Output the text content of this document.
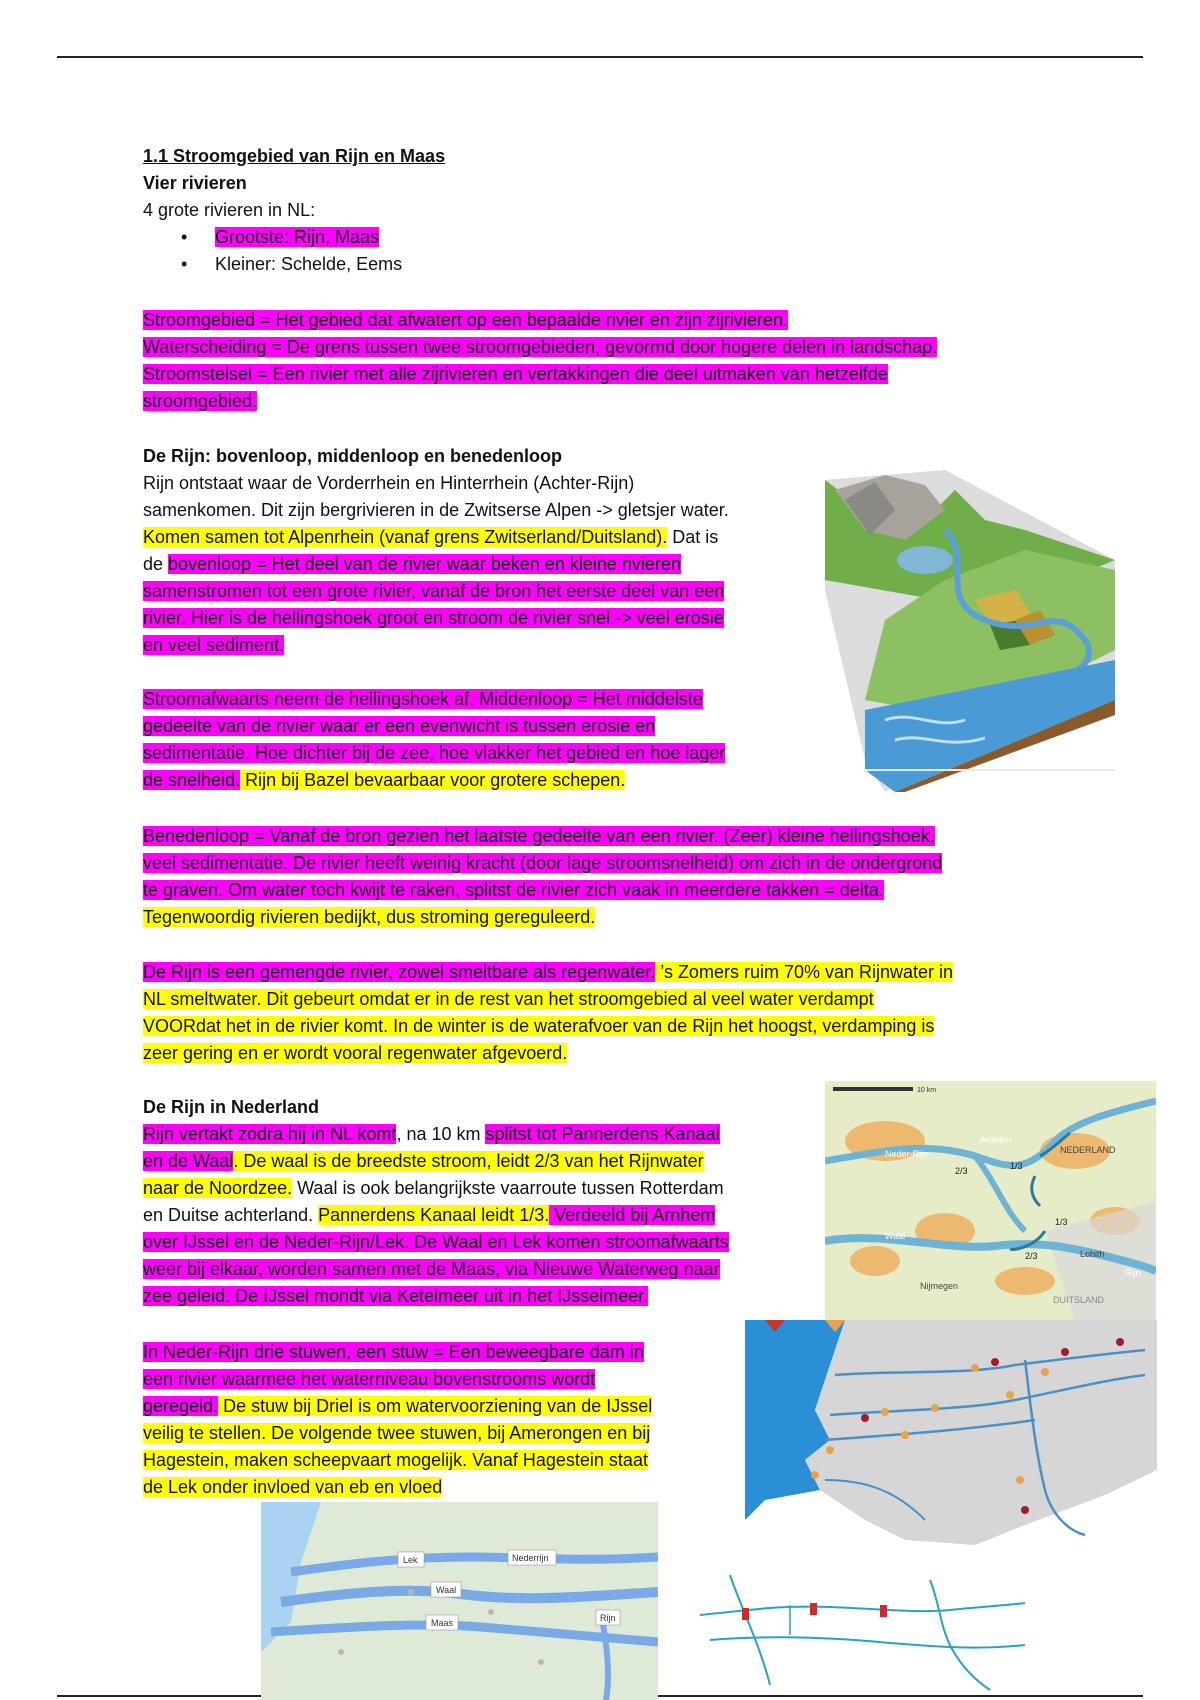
1.1 Stroomgebied van Rijn en Maas
Vier rivieren
4 grote rivieren in NL:
• Grootste: Rijn, Maas
• Kleiner: Schelde, Eems
Stroomgebied = Het gebied dat afwatert op een bepaalde rivier en zijn zijrivieren.
Waterscheiding = De grens tussen twee stroomgebieden, gevormd door hogere delen in landschap.
Stroomstelsel = Een rivier met alle zijrivieren en vertakkingen die deel uitmaken van hetzelfde
stroomgebied.
De Rijn: bovenloop, middenloop en benedenloop
Rijn ontstaat waar de Vorderrhein en Hinterrhein (Achter-Rijn)
samenkomen. Dit zijn bergrivieren in de Zwitserse Alpen -> gletsjer water.
Komen samen tot Alpenrhein (vanaf grens Zwitserland/Duitsland). Dat is
de bovenloop = Het deel van de rivier waar beken en kleine rivieren
samenstromen tot een grote rivier, vanaf de bron het eerste deel van een
rivier. Hier is de hellingshoek groot en stroom de rivier snel -> veel erosie
en veel sediment.
Stroomafwaarts neem de hellingshoek af. Middenloop = Het middelste
gedeelte van de rivier waar er een evenwicht is tussen erosie en
sedimentatie. Hoe dichter bij de zee, hoe vlakker het gebied en hoe lager
de snelheid. Rijn bij Bazel bevaarbaar voor grotere schepen.
Benedenloop = Vanaf de bron gezien het laatste gedeelte van een rivier. (Zeer) kleine hellingshoek,
veel sedimentatie. De rivier heeft weinig kracht (door lage stroomsnelheid) om zich in de ondergrond
te graven. Om water toch kwijt te raken, splitst de rivier zich vaak in meerdere takken = delta.
Tegenwoordig rivieren bedijkt, dus stroming gereguleerd.
De Rijn is een gemengde rivier, zowel smeltbare als regenwater. ’s Zomers ruim 70% van Rijnwater in
NL smeltwater. Dit gebeurt omdat er in de rest van het stroomgebied al veel water verdampt
VOORdat het in de rivier komt. In de winter is de waterafvoer van de Rijn het hoogst, verdamping is
zeer gering en er wordt vooral regenwater afgevoerd.
De Rijn in Nederland
Rijn vertakt zodra hij in NL komt, na 10 km splitst tot Pannerdens Kanaal
en de Waal. De waal is de breedste stroom, leidt 2/3 van het Rijnwater
naar de Noordzee. Waal is ook belangrijkste vaarroute tussen Rotterdam
en Duitse achterland. Pannerdens Kanaal leidt 1/3. Verdeeld bij Arnhem
over IJssel en de Neder-Rijn/Lek. De Waal en Lek komen stroomafwaarts
weer bij elkaar, worden samen met de Maas, via Nieuwe Waterweg naar
zee geleid. De IJssel mondt via Ketelmeer uit in het IJsselmeer.
In Neder-Rijn drie stuwen, een stuw = Een beweegbare dam in
een rivier waarmee het waterniveau bovenstrooms wordt
geregeld. De stuw bij Driel is om watervoorziening van de IJssel
veilig te stellen. De volgende twee stuwen, bij Amerongen en bij
Hagestein, maken scheepvaart mogelijk. Vanaf Hagestein staat
de Lek onder invloed van eb en vloed
10 km
Arnhem
NEDERLAND
Neder-Rijn
2/3	1/3
1/3
2/3
Waal
Lobith
Rijn
Nijmegen
DUITSLAND
Lek	Nederrijn
Waal
Maas	Rijn
